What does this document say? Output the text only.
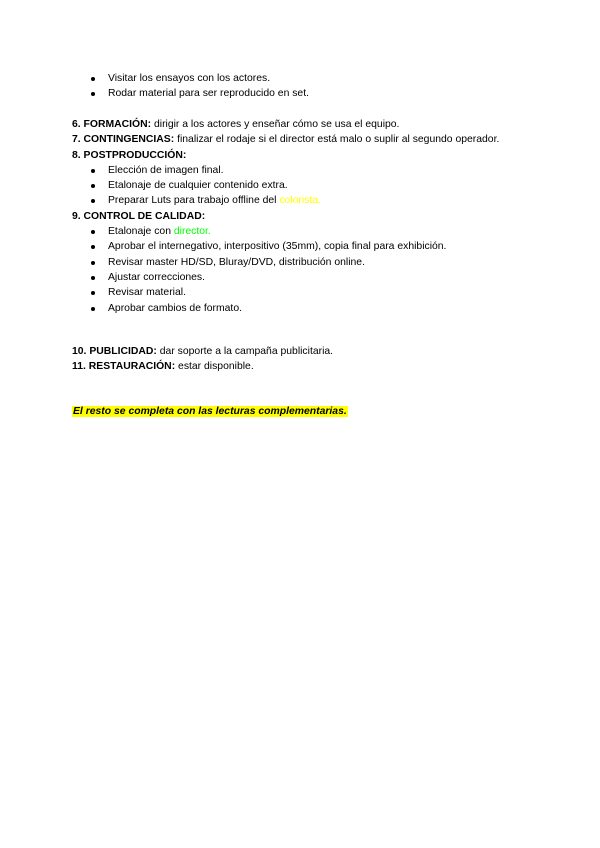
Visitar los ensayos con los actores.
Rodar material para ser reproducido en set.

6. FORMACIÓN: dirigir a los actores y enseñar cómo se usa el equipo.

7. CONTINGENCIAS: finalizar el rodaje si el director está malo o suplir al segundo operador.

8. POSTPRODUCCIÓN:

Elección de imagen final.
Etalonaje de cualquier contenido extra.
Preparar Luts para trabajo offline del colorista.

9. CONTROL DE CALIDAD:

Etalonaje con director.
Aprobar el internegativo, interpositivo (35mm), copia final para exhibición.
Revisar master HD/SD, Bluray/DVD, distribución online.
Ajustar correcciones.
Revisar material.
Aprobar cambios de formato.

10. PUBLICIDAD: dar soporte a la campaña publicitaria.

11. RESTAURACIÓN: estar disponible.

El resto se completa con las lecturas complementarias.
